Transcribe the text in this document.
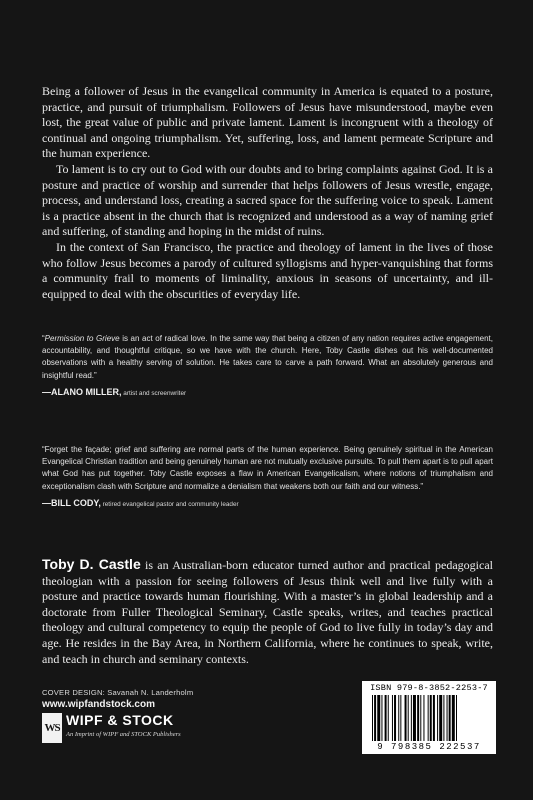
Being a follower of Jesus in the evangelical community in America is equated to a posture, practice, and pursuit of triumphalism. Followers of Jesus have misunderstood, maybe even lost, the great value of public and private lament. Lament is incongruent with a theology of continual and ongoing triumphalism. Yet, suffering, loss, and lament permeate Scripture and the human experience.

To lament is to cry out to God with our doubts and to bring complaints against God. It is a posture and practice of worship and surrender that helps followers of Jesus wrestle, engage, process, and understand loss, creating a sacred space for the suffering voice to speak. Lament is a practice absent in the church that is recognized and understood as a way of naming grief and suffering, of standing and hoping in the midst of ruins.

In the context of San Francisco, the practice and theology of lament in the lives of those who follow Jesus becomes a parody of cultured syllogisms and hyper-vanquishing that forms a community frail to moments of liminality, anxious in seasons of uncertainty, and ill-equipped to deal with the obscurities of everyday life.

“Permission to Grieve is an act of radical love. In the same way that being a citizen of any nation requires active engagement, accountability, and thoughtful critique, so we have with the church. Here, Toby Castle dishes out his well-documented observations with a healthy serving of solution. He takes care to carve a path forward. What an absolutely generous and insightful read.”

—ALANO MILLER, artist and screenwriter

“Forget the façade; grief and suffering are normal parts of the human experience. Being genuinely spiritual in the American Evangelical Christian tradition and being genuinely human are not mutually exclusive pursuits. To pull them apart is to pull apart what God has put together. Toby Castle exposes a flaw in American Evangelicalism, where notions of triumphalism and exceptionalism clash with Scripture and normalize a denialism that weakens both our faith and our witness.”

—BILL CODY, retired evangelical pastor and community leader

Toby D. Castle is an Australian-born educator turned author and practical pedagogical theologian with a passion for seeing followers of Jesus think well and live fully with a posture and practice towards human flourishing. With a master’s in global leadership and a doctorate from Fuller Theological Seminary, Castle speaks, writes, and teaches practical theology and cultural competency to equip the people of God to live fully in today’s day and age. He resides in the Bay Area, in Northern California, where he continues to speak, write, and teach in church and seminary contexts.

COVER DESIGN: Savanah N. Landerholm
www.wipfandstock.com
WS WIPF & STOCK
An Imprint of WIPF and STOCK Publishers
ISBN 979-8-3852-2253-7
9 798385 222537
